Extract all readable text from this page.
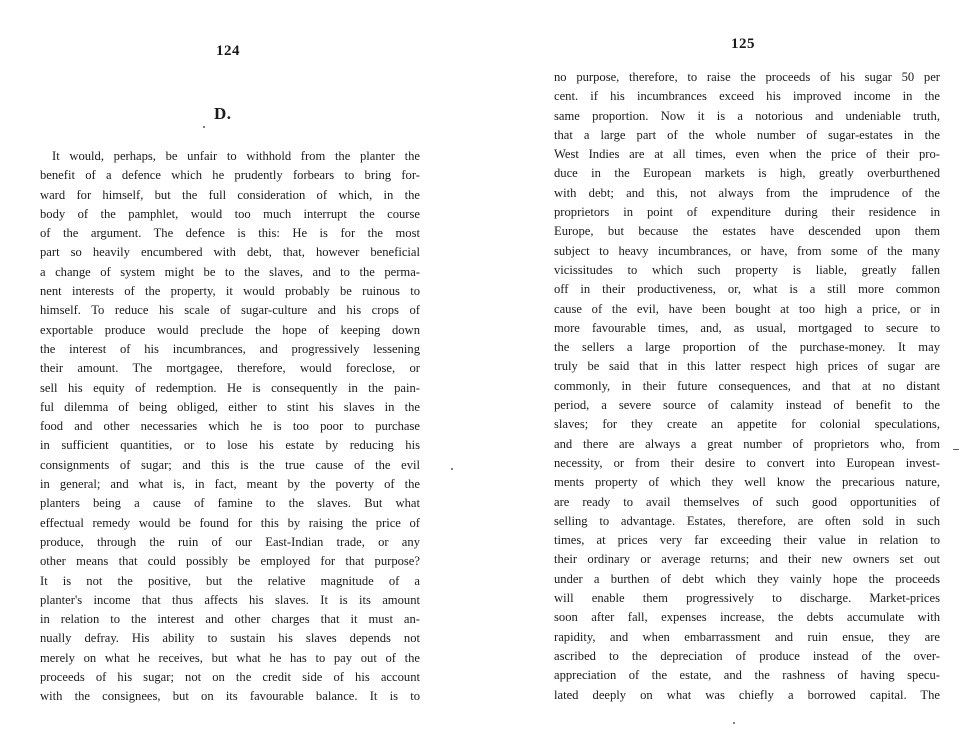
124
D.
It would, perhaps, be unfair to withhold from the planter the
benefit of a defence which he prudently forbears to bring for-
ward for himself, but the full consideration of which, in the
body of the pamphlet, would too much interrupt the course
of the argument. The defence is this: He is for the most
part so heavily encumbered with debt, that, however beneficial
a change of system might be to the slaves, and to the perma-
nent interests of the property, it would probably be ruinous to
himself. To reduce his scale of sugar-culture and his crops of
exportable produce would preclude the hope of keeping down
the interest of his incumbrances, and progressively lessening
their amount. The mortgagee, therefore, would foreclose, or
sell his equity of redemption. He is consequently in the pain-
ful dilemma of being obliged, either to stint his slaves in the
food and other necessaries which he is too poor to purchase
in sufficient quantities, or to lose his estate by reducing his
consignments of sugar; and this is the true cause of the evil
in general; and what is, in fact, meant by the poverty of the
planters being a cause of famine to the slaves. But what
effectual remedy would be found for this by raising the price of
produce, through the ruin of our East-Indian trade, or any
other means that could possibly be employed for that purpose?
It is not the positive, but the relative magnitude of a
planter's income that thus affects his slaves. It is its amount
in relation to the interest and other charges that it must an-
nually defray. His ability to sustain his slaves depends not
merely on what he receives, but what he has to pay out of the
proceeds of his sugar; not on the credit side of his account
with the consignees, but on its favourable balance. It is to
125
no purpose, therefore, to raise the proceeds of his sugar 50 per
cent. if his incumbrances exceed his improved income in the
same proportion. Now it is a notorious and undeniable truth,
that a large part of the whole number of sugar-estates in the
West Indies are at all times, even when the price of their pro-
duce in the European markets is high, greatly overburthened
with debt; and this, not always from the imprudence of the
proprietors in point of expenditure during their residence in
Europe, but because the estates have descended upon them
subject to heavy incumbrances, or have, from some of the many
vicissitudes to which such property is liable, greatly fallen
off in their productiveness, or, what is a still more common
cause of the evil, have been bought at too high a price, or in
more favourable times, and, as usual, mortgaged to secure to
the sellers a large proportion of the purchase-money. It may
truly be said that in this latter respect high prices of sugar are
commonly, in their future consequences, and that at no distant
period, a severe source of calamity instead of benefit to the
slaves; for they create an appetite for colonial speculations,
and there are always a great number of proprietors who, from
necessity, or from their desire to convert into European invest-
ments property of which they well know the precarious nature,
are ready to avail themselves of such good opportunities of
selling to advantage. Estates, therefore, are often sold in such
times, at prices very far exceeding their value in relation to
their ordinary or average returns; and their new owners set out
under a burthen of debt which they vainly hope the proceeds
will enable them progressively to discharge. Market-prices
soon after fall, expenses increase, the debts accumulate with
rapidity, and when embarrassment and ruin ensue, they are
ascribed to the depreciation of produce instead of the over-
appreciation of the estate, and the rashness of having specu-
lated deeply on what was chiefly a borrowed capital. The
